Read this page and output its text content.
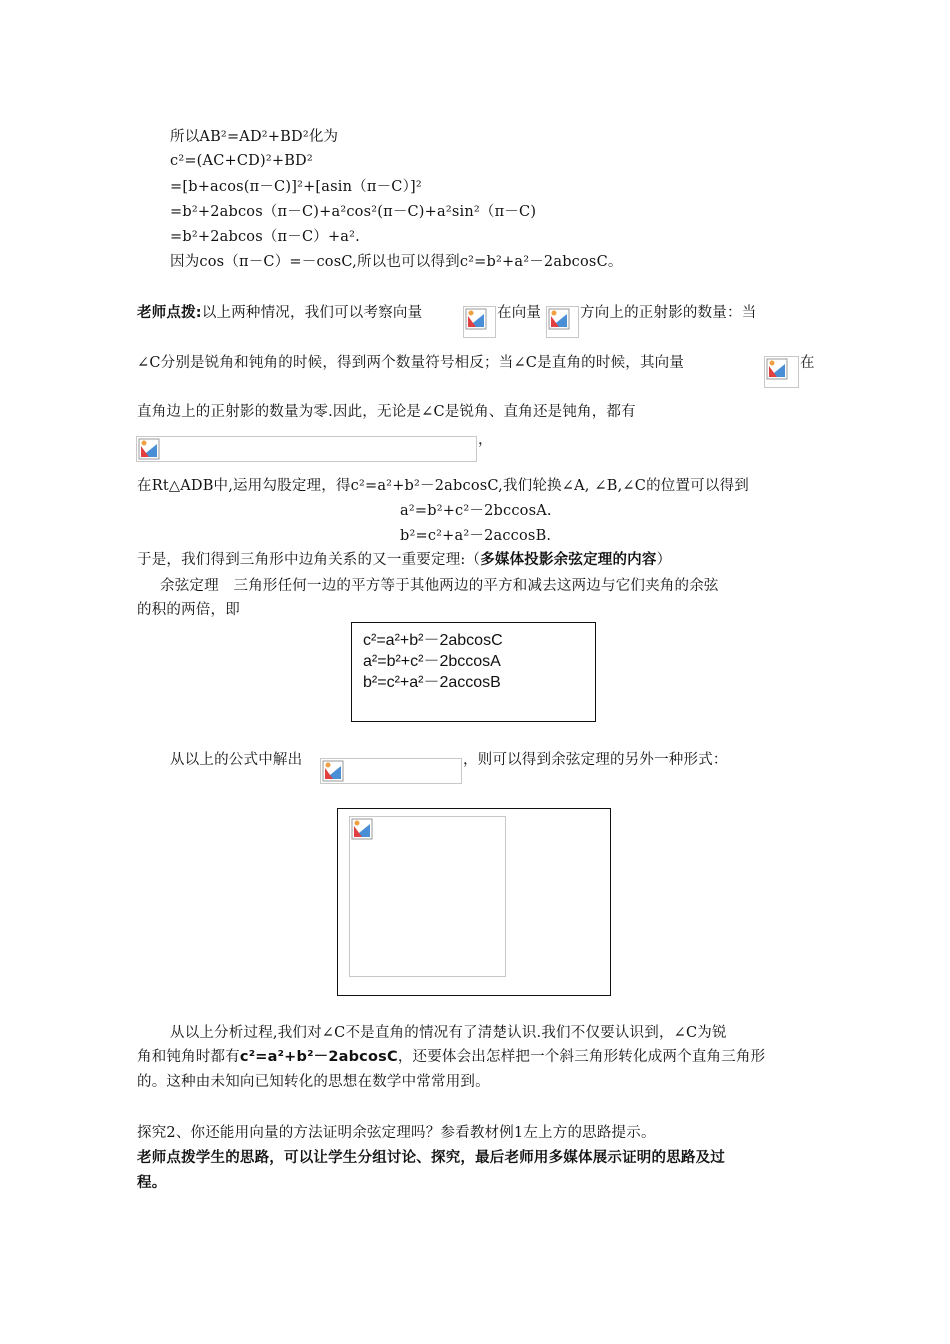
所以AB²=AD²+BD²化为
c²=(AC+CD)²+BD²
=[b+acos(π－C)]²+[asin（π－C）]²
=b²+2abcos（π－C)+a²cos²(π－C)+a²sin²（π－C)
=b²+2abcos（π－C）+a².
因为cos（π－C）=－cosC,所以也可以得到c²=b²+a²－2abcosC。
老师点拨:以上两种情况，我们可以考察向量	在向量	方向上的正射影的数量：当
∠C分别是锐角和钝角的时候，得到两个数量符号相反；当∠C是直角的时候，其向量	在
直角边上的正射影的数量为零.因此，无论是∠C是锐角、直角还是钝角，都有
，
在Rt△ADB中,运用勾股定理，得c²=a²+b²－2abcosC,我们轮换∠A, ∠B,∠C的位置可以得到
a²=b²+c²－2bccosA.
b²=c²+a²－2accosB.
于是，我们得到三角形中边角关系的又一重要定理:（多媒体投影余弦定理的内容）
余弦定理　三角形任何一边的平方等于其他两边的平方和减去这两边与它们夹角的余弦
的积的两倍，即
c²=a²+b²－2abcosC
a²=b²+c²－2bccosA
b²=c²+a²－2accosB
从以上的公式中解出	，则可以得到余弦定理的另外一种形式：
从以上分析过程,我们对∠C不是直角的情况有了清楚认识.我们不仅要认识到，∠C为锐
角和钝角时都有c²=a²+b²－2abcosC，还要体会出怎样把一个斜三角形转化成两个直角三角形
的。这种由未知向已知转化的思想在数学中常常用到。
探究2、你还能用向量的方法证明余弦定理吗？参看教材例1左上方的思路提示。
老师点拨学生的思路，可以让学生分组讨论、探究，最后老师用多媒体展示证明的思路及过
程。
